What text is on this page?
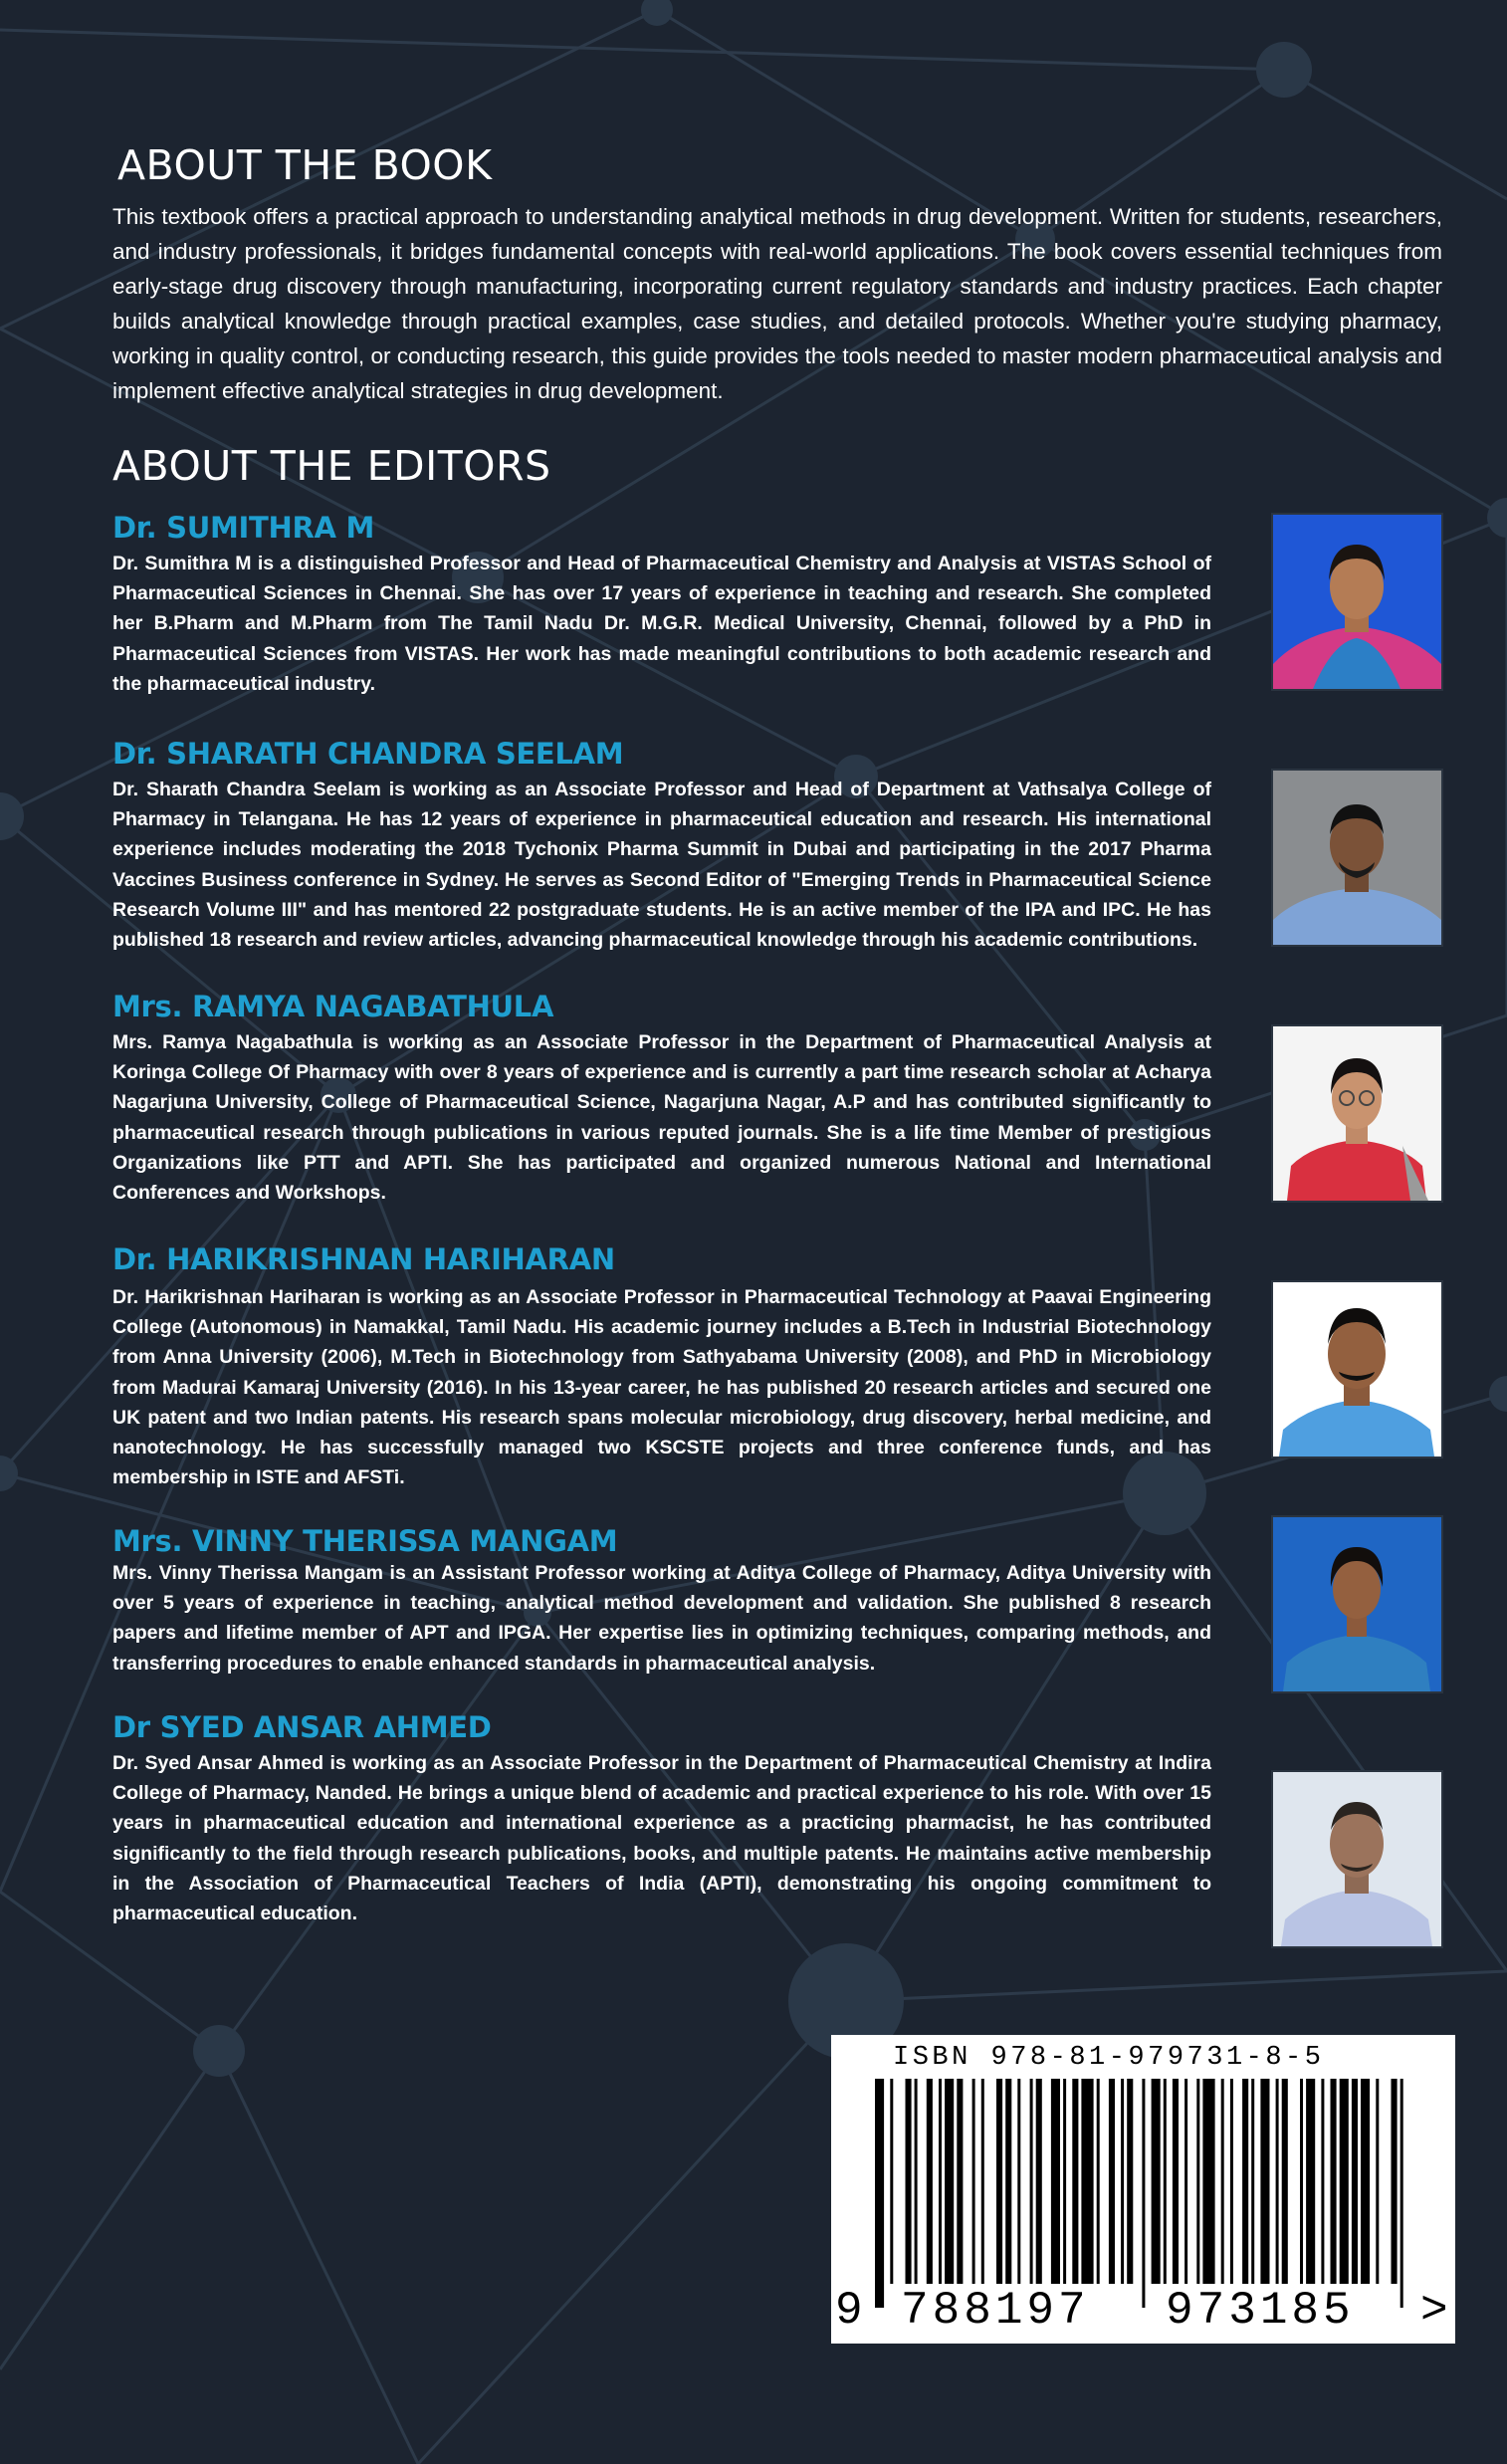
ABOUT THE BOOK
This textbook offers a practical approach to understanding analytical methods in drug development. Written for students, researchers, and industry professionals, it bridges fundamental concepts with real-world applications. The book covers essential techniques from early-stage drug discovery through manufacturing, incorporating current regulatory standards and industry practices. Each chapter builds analytical knowledge through practical examples, case studies, and detailed protocols. Whether you're studying pharmacy, working in quality control, or conducting research, this guide provides the tools needed to master modern pharmaceutical analysis and implement effective analytical strategies in drug development.
ABOUT THE EDITORS
Dr. SUMITHRA M
Dr. Sumithra M is a distinguished Professor and Head of Pharmaceutical Chemistry and Analysis at VISTAS School of Pharmaceutical Sciences in Chennai. She has over 17 years of experience in teaching and research. She completed her B.Pharm and M.Pharm from The Tamil Nadu Dr. M.G.R. Medical University, Chennai, followed by a PhD in Pharmaceutical Sciences from VISTAS. Her work has made meaningful contributions to both academic research and the pharmaceutical industry.
Dr. SHARATH CHANDRA SEELAM
Dr. Sharath Chandra Seelam is working as an Associate Professor and Head of Department at Vathsalya College of Pharmacy in Telangana. He has 12 years of experience in pharmaceutical education and research. His international experience includes moderating the 2018 Tychonix Pharma Summit in Dubai and participating in the 2017 Pharma Vaccines Business conference in Sydney. He serves as Second Editor of "Emerging Trends in Pharmaceutical Science Research Volume III" and has mentored 22 postgraduate students. He is an active member of the IPA and IPC. He has published 18 research and review articles, advancing pharmaceutical knowledge through his academic contributions.
Mrs. RAMYA NAGABATHULA
Mrs. Ramya Nagabathula is working as an Associate Professor in the Department of Pharmaceutical Analysis at Koringa College Of Pharmacy with over 8 years of experience and is currently a part time research scholar at Acharya Nagarjuna University, College of Pharmaceutical Science, Nagarjuna Nagar, A.P and has contributed significantly to pharmaceutical research through publications in various reputed journals. She is a life time Member of prestigious Organizations like PTT and APTI. She has participated and organized numerous National and International Conferences and Workshops.
Dr. HARIKRISHNAN HARIHARAN
Dr. Harikrishnan Hariharan is working as an Associate Professor in Pharmaceutical Technology at Paavai Engineering College (Autonomous) in Namakkal, Tamil Nadu. His academic journey includes a B.Tech in Industrial Biotechnology from Anna University (2006), M.Tech in Biotechnology from Sathyabama University (2008), and PhD in Microbiology from Madurai Kamaraj University (2016). In his 13-year career, he has published 20 research articles and secured one UK patent and two Indian patents. His research spans molecular microbiology, drug discovery, herbal medicine, and nanotechnology. He has successfully managed two KSCSTE projects and three conference funds, and has membership in ISTE and AFSTi.
Mrs. VINNY THERISSA MANGAM
Mrs. Vinny Therissa Mangam is an Assistant Professor working at Aditya College of Pharmacy, Aditya University with over 5 years of experience in teaching, analytical method development and validation. She published 8 research papers and lifetime member of APT and IPGA. Her expertise lies in optimizing techniques, comparing methods, and transferring procedures to enable enhanced standards in pharmaceutical analysis.
Dr SYED ANSAR AHMED
Dr. Syed Ansar Ahmed is working as an Associate Professor in the Department of Pharmaceutical Chemistry at Indira College of Pharmacy, Nanded. He brings a unique blend of academic and practical experience to his role. With over 15 years in pharmaceutical education and international experience as a practicing pharmacist, he has contributed significantly to the field through research publications, books, and multiple patents. He maintains active membership in the Association of Pharmaceutical Teachers of India (APTI), demonstrating his ongoing commitment to pharmaceutical education.
ISBN 978-81-979731-8-5
9 788197 973185 >
